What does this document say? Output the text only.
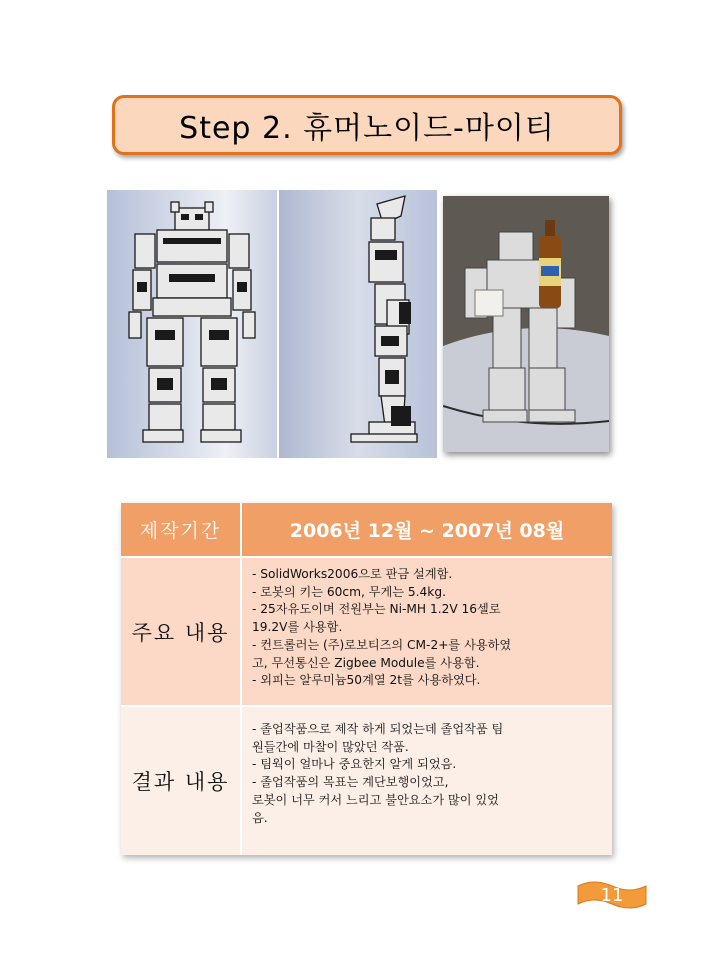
Step 2. 휴머노이드-마이티
제작기간	2006년 12월 ~ 2007년 08월
주요 내용
- SolidWorks2006으로 판금 설계함.
- 로봇의 키는 60cm, 무게는 5.4kg.
- 25자유도이며 전원부는 Ni-MH 1.2V 16셀로
19.2V를 사용함.
- 컨트롤러는 (주)로보티즈의 CM-2+를 사용하였
고, 무선통신은 Zigbee Module를 사용함.
- 외피는 알루미늄50계열 2t를 사용하였다.
결과 내용
- 졸업작품으로 제작 하게 되었는데 졸업작품 팀
원들간에 마찰이 많았던 작품.
- 팀웍이 얼마나 중요한지 알게 되었음.
- 졸업작품의 목표는 계단보행이었고,
로봇이 너무 커서 느리고 불안요소가 많이 있었
음.
11
